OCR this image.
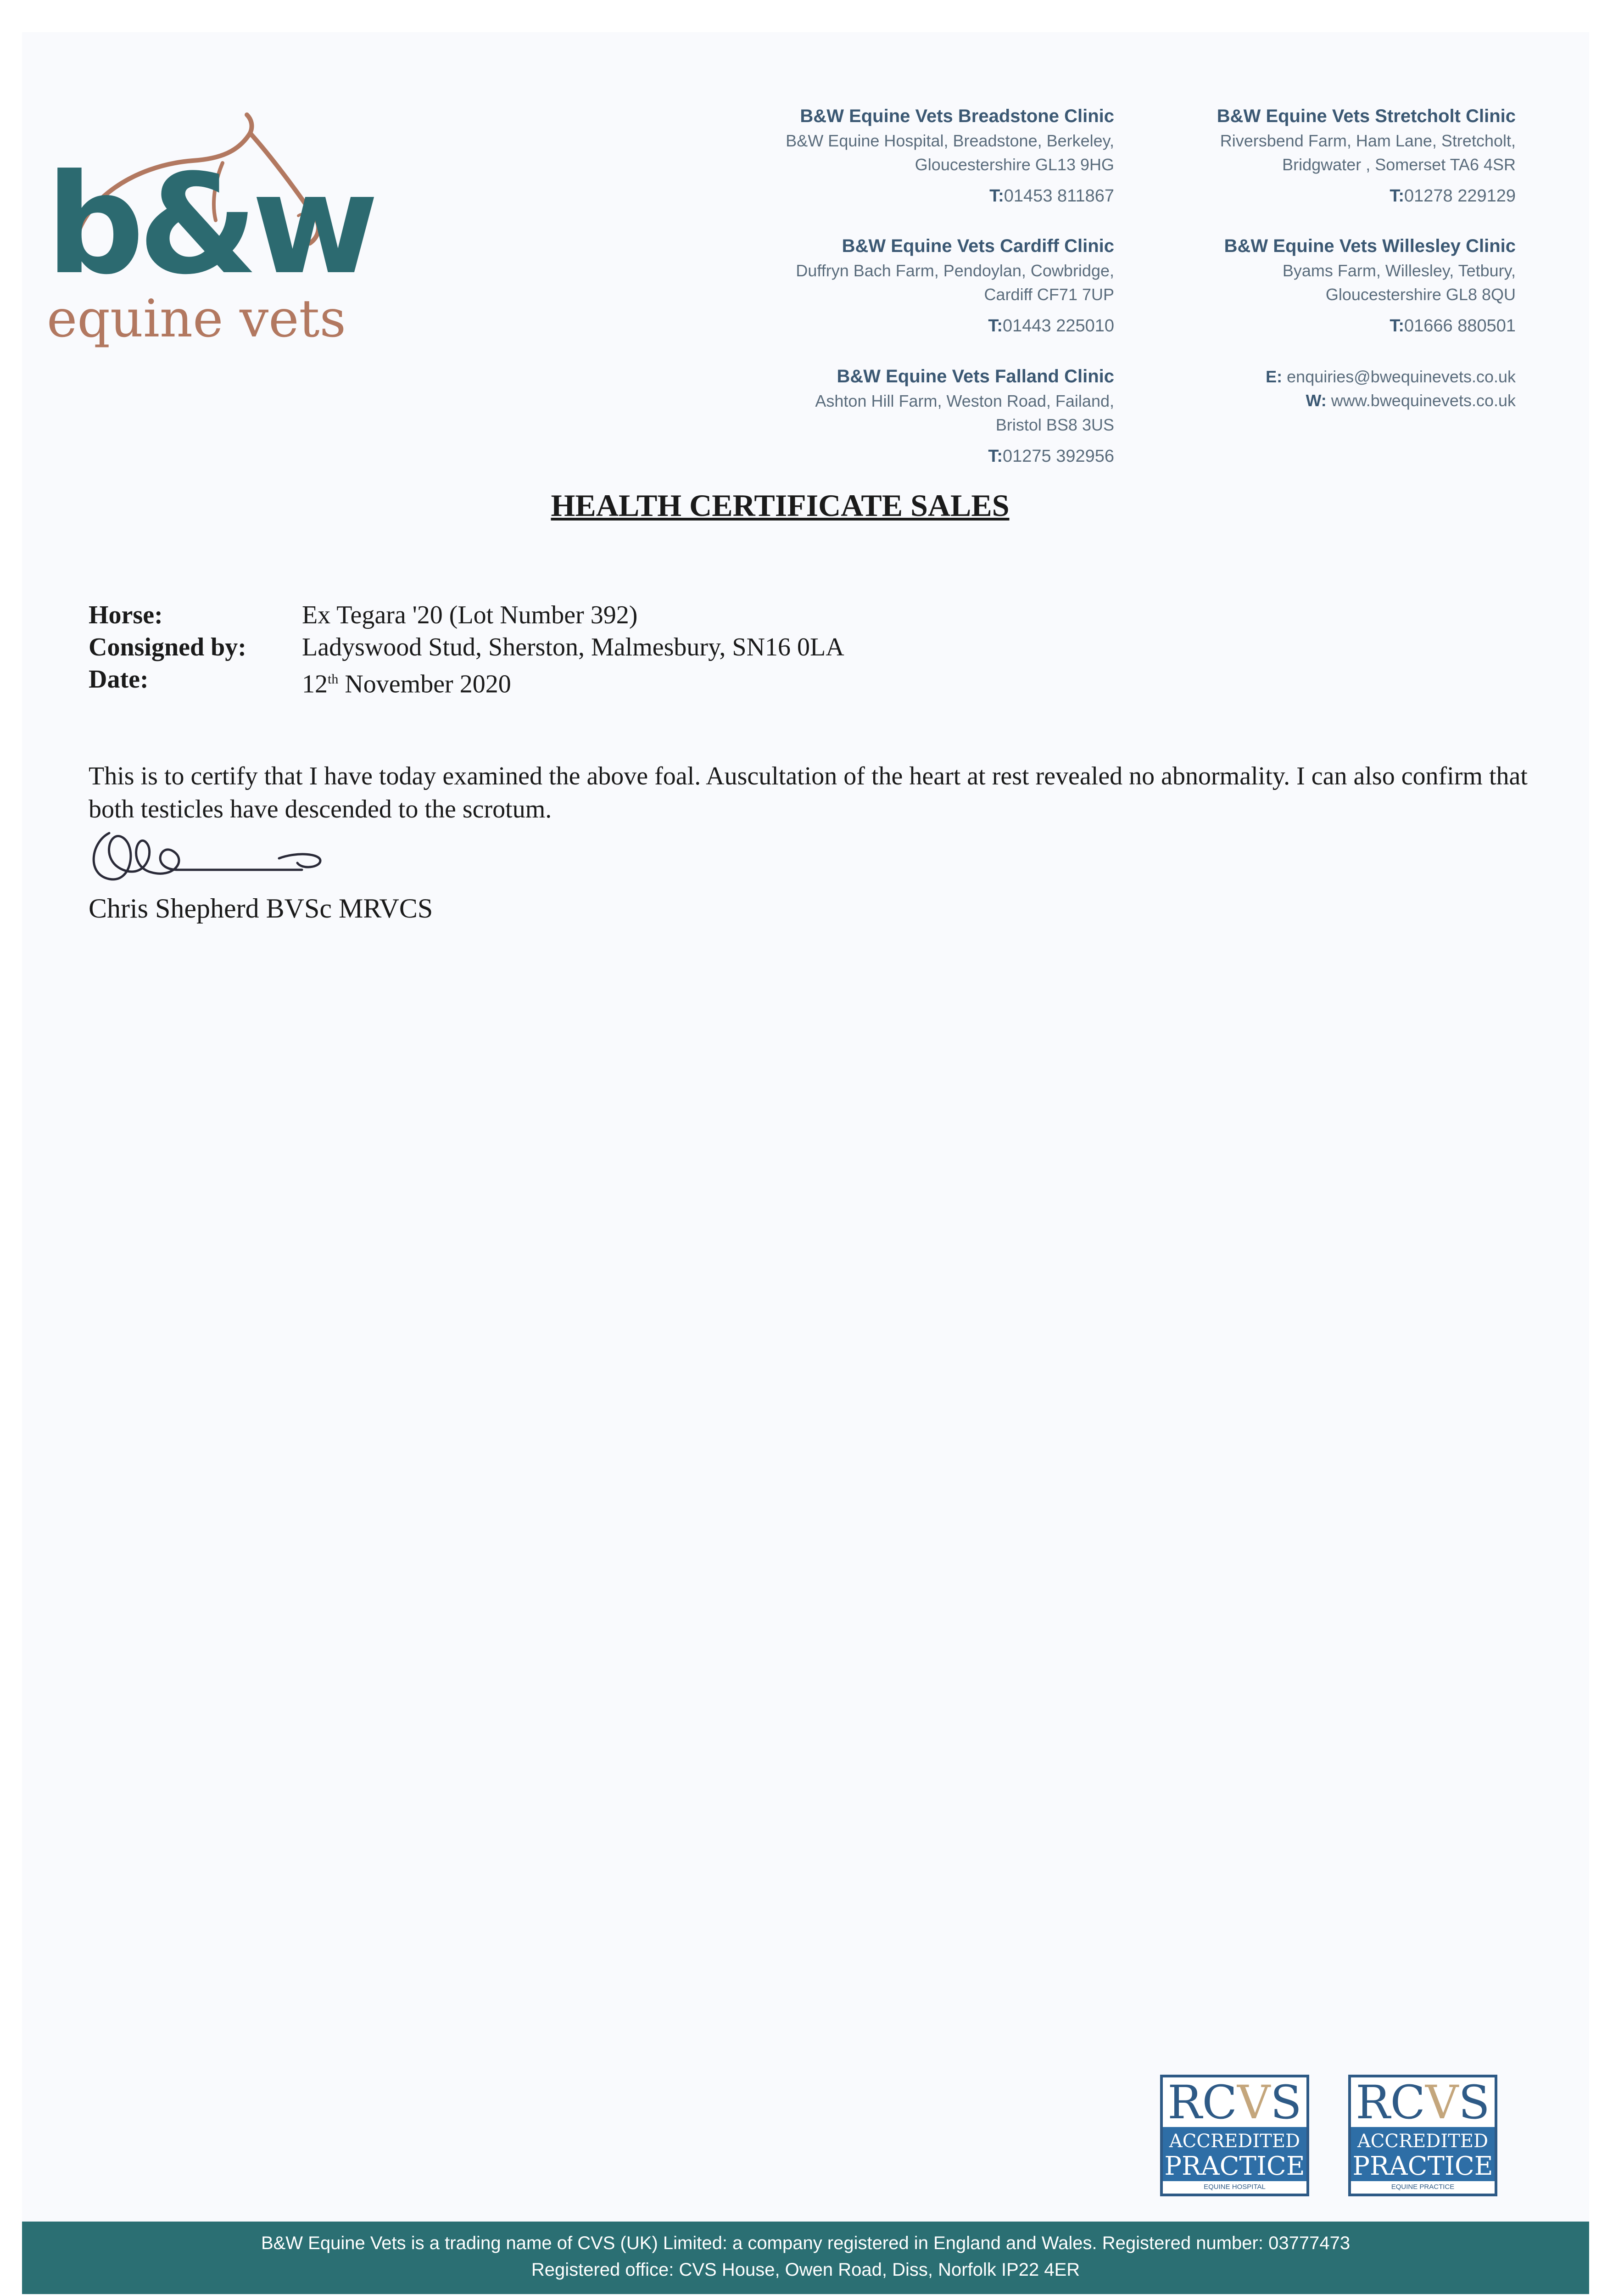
b&w
equine vets
B&W Equine Vets Breadstone Clinic
B&W Equine Hospital, Breadstone, Berkeley,
Gloucestershire GL13 9HG
T:01453 811867
B&W Equine Vets Cardiff Clinic
Duffryn Bach Farm, Pendoylan, Cowbridge,
Cardiff CF71 7UP
T:01443 225010
B&W Equine Vets Falland Clinic
Ashton Hill Farm, Weston Road, Failand,
Bristol BS8 3US
T:01275 392956
B&W Equine Vets Stretcholt Clinic
Riversbend Farm, Ham Lane, Stretcholt,
Bridgwater , Somerset TA6 4SR
T:01278 229129
B&W Equine Vets Willesley Clinic
Byams Farm, Willesley, Tetbury,
Gloucestershire GL8 8QU
T:01666 880501
E: enquiries@bwequinevets.co.uk
W: www.bwequinevets.co.uk
HEALTH CERTIFICATE SALES
Horse:	Ex Tegara '20 (Lot Number 392)
Consigned by:	Ladyswood Stud, Sherston, Malmesbury, SN16 0LA
Date:	12th November 2020
This is to certify that I have today examined the above foal. Auscultation of the heart at rest revealed no abnormality. I can also confirm that both testicles have descended to the scrotum.
Chris Shepherd BVSc MRVCS
RCVS
ACCREDITED
PRACTICE
EQUINE HOSPITAL
RCVS
ACCREDITED
PRACTICE
EQUINE PRACTICE
B&W Equine Vets is a trading name of CVS (UK) Limited: a company registered in England and Wales. Registered number: 03777473
Registered office: CVS House, Owen Road, Diss, Norfolk IP22 4ER
